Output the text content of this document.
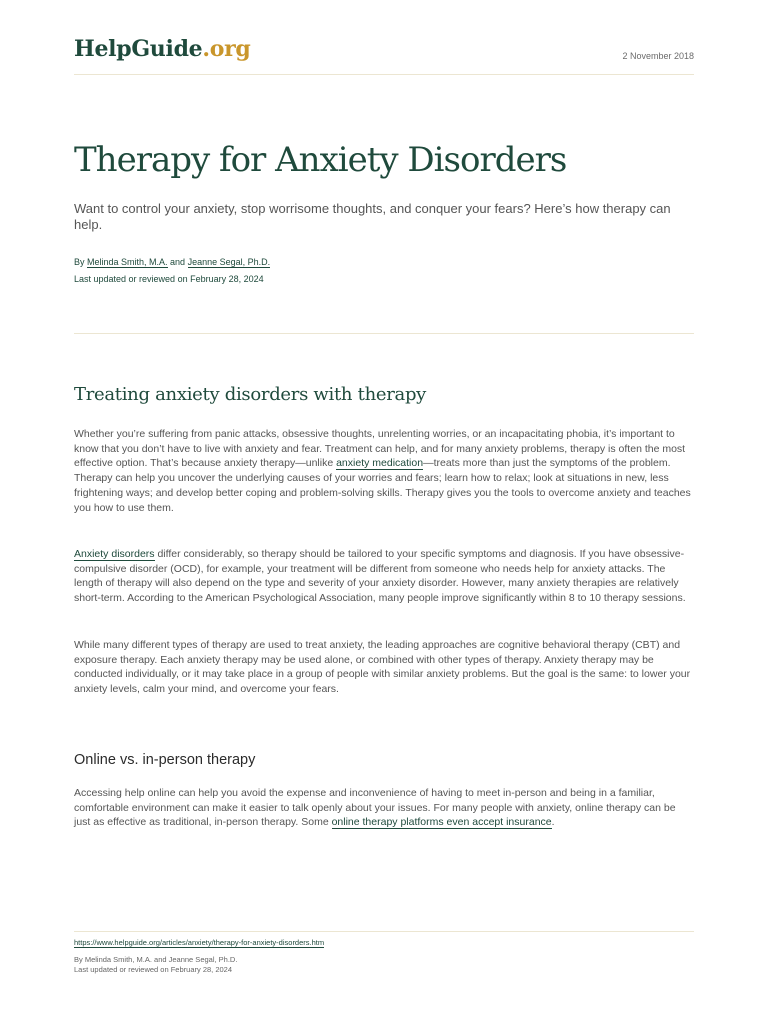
HelpGuide.org	2 November 2018
Therapy for Anxiety Disorders

Want to control your anxiety, stop worrisome thoughts, and conquer your fears? Here’s how therapy can help.

By Melinda Smith, M.A. and Jeanne Segal, Ph.D.
Last updated or reviewed on February 28, 2024
Treating anxiety disorders with therapy

Whether you’re suffering from panic attacks, obsessive thoughts, unrelenting worries, or an incapacitating phobia, it’s important to know that you don’t have to live with anxiety and fear. Treatment can help, and for many anxiety problems, therapy is often the most effective option. That’s because anxiety therapy—unlike anxiety medication—treats more than just the symptoms of the problem. Therapy can help you uncover the underlying causes of your worries and fears; learn how to relax; look at situations in new, less frightening ways; and develop better coping and problem-solving skills. Therapy gives you the tools to overcome anxiety and teaches you how to use them.

Anxiety disorders differ considerably, so therapy should be tailored to your specific symptoms and diagnosis. If you have obsessive-compulsive disorder (OCD), for example, your treatment will be different from someone who needs help for anxiety attacks. The length of therapy will also depend on the type and severity of your anxiety disorder. However, many anxiety therapies are relatively short-term. According to the American Psychological Association, many people improve significantly within 8 to 10 therapy sessions.

While many different types of therapy are used to treat anxiety, the leading approaches are cognitive behavioral therapy (CBT) and exposure therapy. Each anxiety therapy may be used alone, or combined with other types of therapy. Anxiety therapy may be conducted individually, or it may take place in a group of people with similar anxiety problems. But the goal is the same: to lower your anxiety levels, calm your mind, and overcome your fears.

Online vs. in-person therapy

Accessing help online can help you avoid the expense and inconvenience of having to meet in-person and being in a familiar, comfortable environment can make it easier to talk openly about your issues. For many people with anxiety, online therapy can be just as effective as traditional, in-person therapy. Some online therapy platforms even accept insurance.

https://www.helpguide.org/articles/anxiety/therapy-for-anxiety-disorders.htm
By Melinda Smith, M.A. and Jeanne Segal, Ph.D.
Last updated or reviewed on February 28, 2024
